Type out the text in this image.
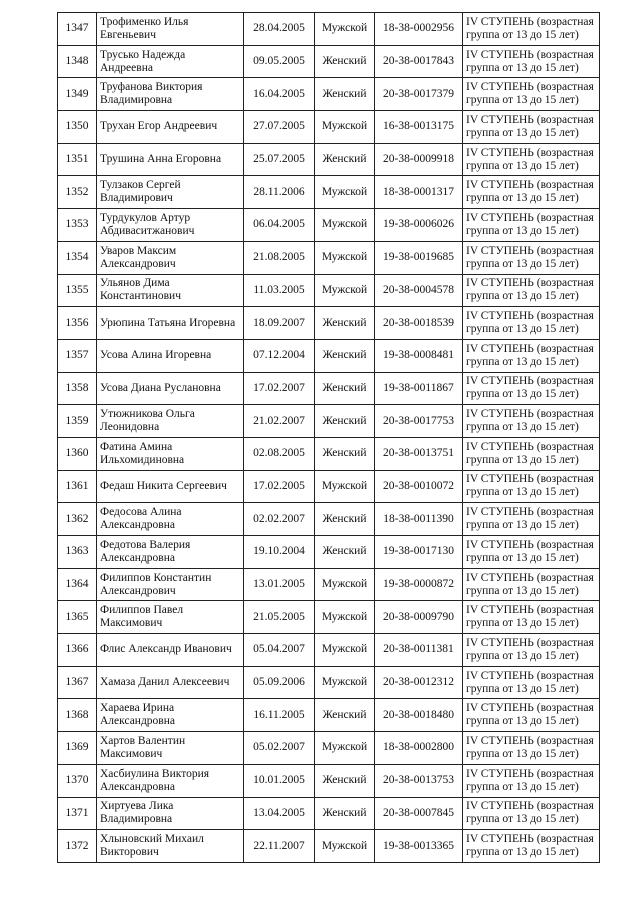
1347	Трофименко Илья Евгеньевич	28.04.2005	Мужской	18-38-0002956	IV СТУПЕНЬ (возрастная группа от 13 до 15 лет)
1348	Трусько Надежда Андреевна	09.05.2005	Женский	20-38-0017843	IV СТУПЕНЬ (возрастная группа от 13 до 15 лет)
1349	Труфанова Виктория Владимировна	16.04.2005	Женский	20-38-0017379	IV СТУПЕНЬ (возрастная группа от 13 до 15 лет)
1350	Трухан Егор Андреевич	27.07.2005	Мужской	16-38-0013175	IV СТУПЕНЬ (возрастная группа от 13 до 15 лет)
1351	Трушина Анна Егоровна	25.07.2005	Женский	20-38-0009918	IV СТУПЕНЬ (возрастная группа от 13 до 15 лет)
1352	Тулзаков Сергей Владимирович	28.11.2006	Мужской	18-38-0001317	IV СТУПЕНЬ (возрастная группа от 13 до 15 лет)
1353	Турдукулов Артур Абдиваситжанович	06.04.2005	Мужской	19-38-0006026	IV СТУПЕНЬ (возрастная группа от 13 до 15 лет)
1354	Уваров Максим Александрович	21.08.2005	Мужской	19-38-0019685	IV СТУПЕНЬ (возрастная группа от 13 до 15 лет)
1355	Ульянов Дима Константинович	11.03.2005	Мужской	20-38-0004578	IV СТУПЕНЬ (возрастная группа от 13 до 15 лет)
1356	Урюпина Татьяна Игоревна	18.09.2007	Женский	20-38-0018539	IV СТУПЕНЬ (возрастная группа от 13 до 15 лет)
1357	Усова Алина Игоревна	07.12.2004	Женский	19-38-0008481	IV СТУПЕНЬ (возрастная группа от 13 до 15 лет)
1358	Усова Диана Руслановна	17.02.2007	Женский	19-38-0011867	IV СТУПЕНЬ (возрастная группа от 13 до 15 лет)
1359	Утюжникова Ольга Леонидовна	21.02.2007	Женский	20-38-0017753	IV СТУПЕНЬ (возрастная группа от 13 до 15 лет)
1360	Фатина Амина Ильхомидиновна	02.08.2005	Женский	20-38-0013751	IV СТУПЕНЬ (возрастная группа от 13 до 15 лет)
1361	Федаш Никита Сергеевич	17.02.2005	Мужской	20-38-0010072	IV СТУПЕНЬ (возрастная группа от 13 до 15 лет)
1362	Федосова Алина Александровна	02.02.2007	Женский	18-38-0011390	IV СТУПЕНЬ (возрастная группа от 13 до 15 лет)
1363	Федотова Валерия Александровна	19.10.2004	Женский	19-38-0017130	IV СТУПЕНЬ (возрастная группа от 13 до 15 лет)
1364	Филиппов Константин Александрович	13.01.2005	Мужской	19-38-0000872	IV СТУПЕНЬ (возрастная группа от 13 до 15 лет)
1365	Филиппов Павел Максимович	21.05.2005	Мужской	20-38-0009790	IV СТУПЕНЬ (возрастная группа от 13 до 15 лет)
1366	Флис Александр Иванович	05.04.2007	Мужской	20-38-0011381	IV СТУПЕНЬ (возрастная группа от 13 до 15 лет)
1367	Хамаза Данил Алексеевич	05.09.2006	Мужской	20-38-0012312	IV СТУПЕНЬ (возрастная группа от 13 до 15 лет)
1368	Хараева Ирина Александровна	16.11.2005	Женский	20-38-0018480	IV СТУПЕНЬ (возрастная группа от 13 до 15 лет)
1369	Хартов Валентин Максимович	05.02.2007	Мужской	18-38-0002800	IV СТУПЕНЬ (возрастная группа от 13 до 15 лет)
1370	Хасбиулина Виктория Александровна	10.01.2005	Женский	20-38-0013753	IV СТУПЕНЬ (возрастная группа от 13 до 15 лет)
1371	Хиртуева Лика Владимировна	13.04.2005	Женский	20-38-0007845	IV СТУПЕНЬ (возрастная группа от 13 до 15 лет)
1372	Хлыновский Михаил Викторович	22.11.2007	Мужской	19-38-0013365	IV СТУПЕНЬ (возрастная группа от 13 до 15 лет)
